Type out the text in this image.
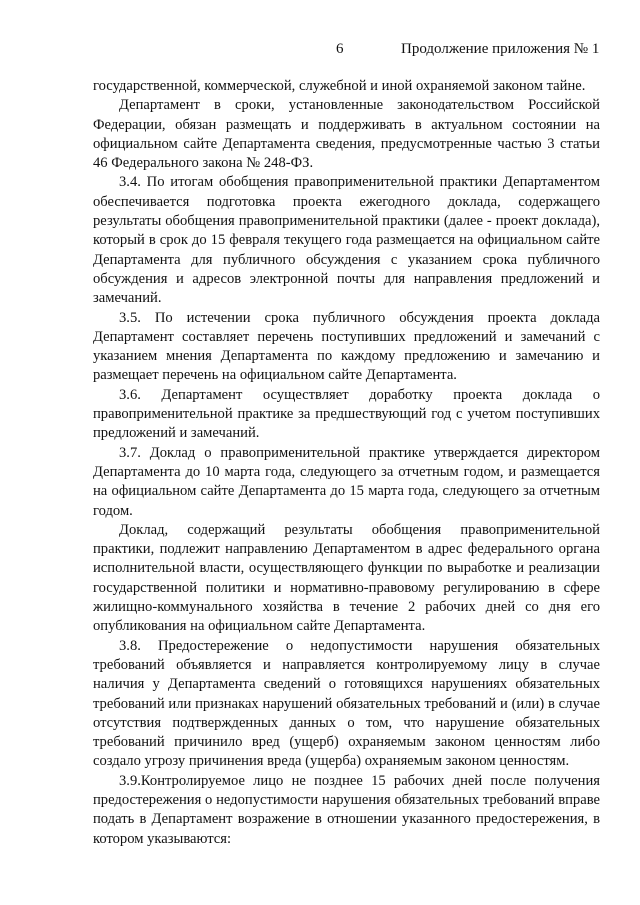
6	Продолжение приложения № 1

государственной, коммерческой, служебной и иной охраняемой законом тайне.

Департамент в сроки, установленные законодательством Российской Федерации, обязан размещать и поддерживать в актуальном состоянии на официальном сайте Департамента сведения, предусмотренные частью 3 статьи 46 Федерального закона № 248-ФЗ.

3.4. По итогам обобщения правоприменительной практики Департаментом обеспечивается подготовка проекта ежегодного доклада, содержащего результаты обобщения правоприменительной практики (далее - проект доклада), который в срок до 15 февраля текущего года размещается на официальном сайте Департамента для публичного обсуждения с указанием срока публичного обсуждения и адресов электронной почты для направления предложений и замечаний.

3.5. По истечении срока публичного обсуждения проекта доклада Департамент составляет перечень поступивших предложений и замечаний с указанием мнения Департамента по каждому предложению и замечанию и размещает перечень на официальном сайте Департамента.

3.6. Департамент осуществляет доработку проекта доклада о правоприменительной практике за предшествующий год с учетом поступивших предложений и замечаний.

3.7. Доклад о правоприменительной практике утверждается директором Департамента до 10 марта года, следующего за отчетным годом, и размещается на официальном сайте Департамента до 15 марта года, следующего за отчетным годом.

Доклад, содержащий результаты обобщения правоприменительной практики, подлежит направлению Департаментом в адрес федерального органа исполнительной власти, осуществляющего функции по выработке и реализации государственной политики и нормативно-правовому регулированию в сфере жилищно-коммунального хозяйства в течение 2 рабочих дней со дня его опубликования на официальном сайте Департамента.

3.8. Предостережение о недопустимости нарушения обязательных требований объявляется и направляется контролируемому лицу в случае наличия у Департамента сведений о готовящихся нарушениях обязательных требований или признаках нарушений обязательных требований и (или) в случае отсутствия подтвержденных данных о том, что нарушение обязательных требований причинило вред (ущерб) охраняемым законом ценностям либо создало угрозу причинения вреда (ущерба) охраняемым законом ценностям.

3.9.Контролируемое лицо не позднее 15 рабочих дней после получения предостережения о недопустимости нарушения обязательных требований вправе подать в Департамент возражение в отношении указанного предостережения, в котором указываются:
